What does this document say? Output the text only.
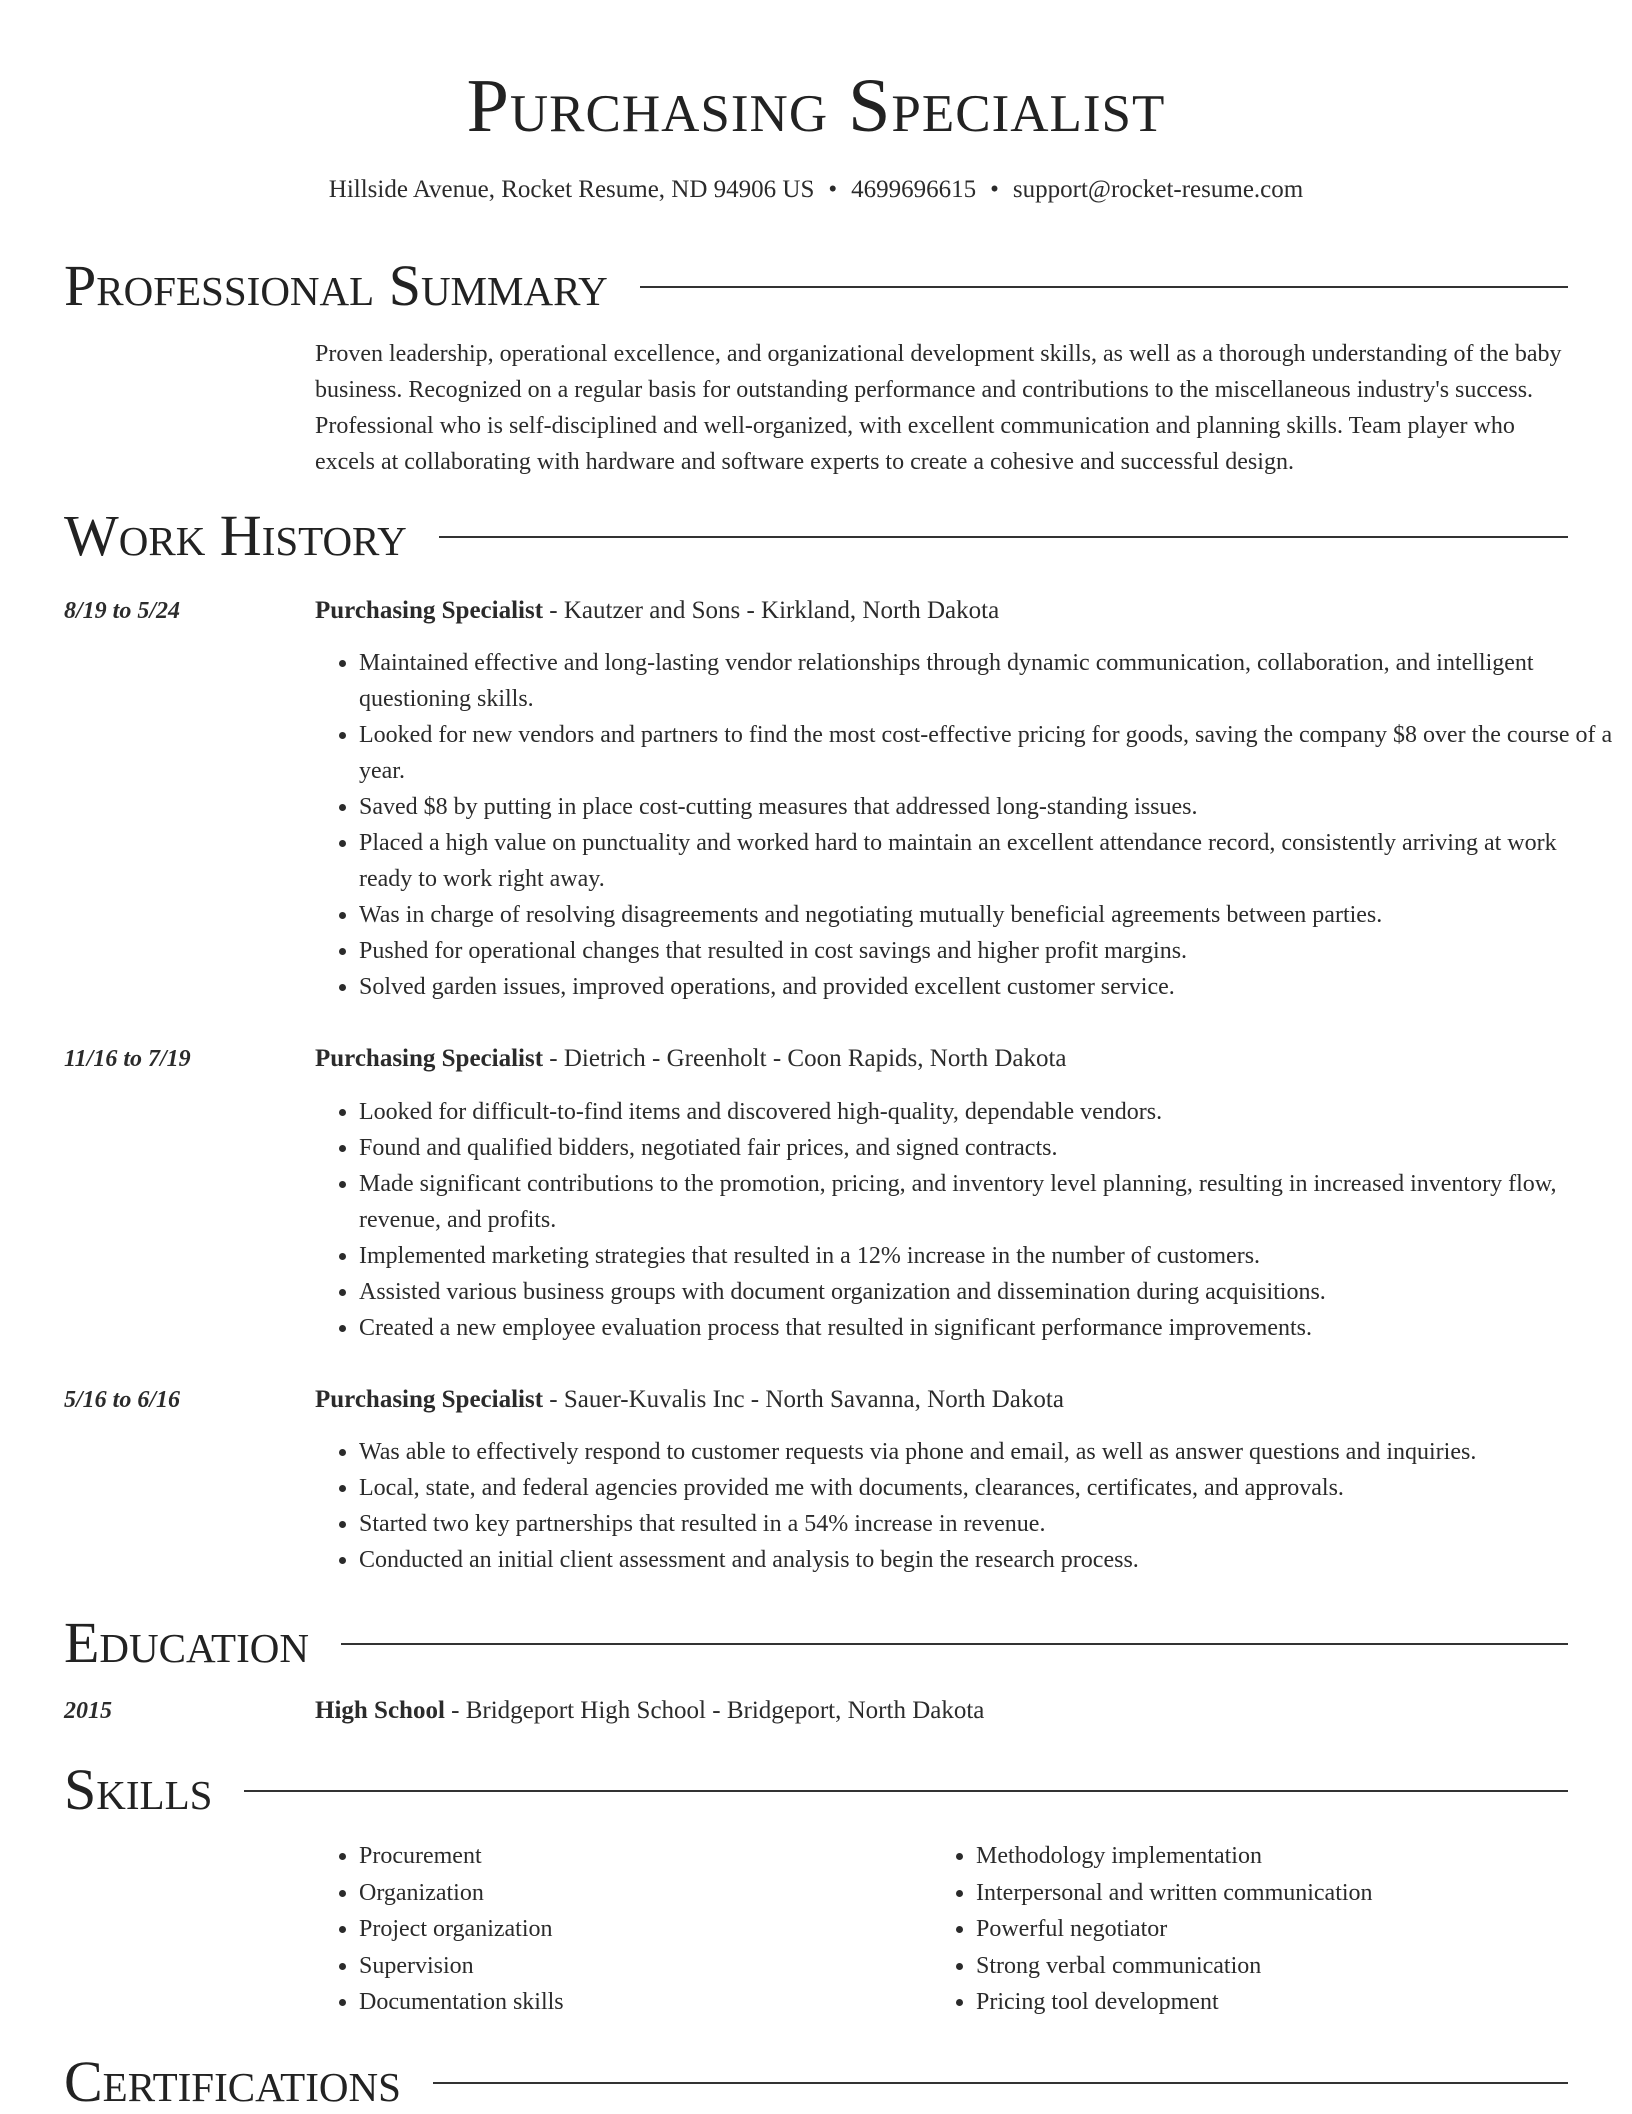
Purchasing Specialist
Hillside Avenue, Rocket Resume, ND 94906 US • 4699696615 • support@rocket-resume.com
Professional Summary
Proven leadership, operational excellence, and organizational development skills, as well as a thorough understanding of the baby business. Recognized on a regular basis for outstanding performance and contributions to the miscellaneous industry's success. Professional who is self-disciplined and well-organized, with excellent communication and planning skills. Team player who excels at collaborating with hardware and software experts to create a cohesive and successful design.
Work History
8/19 to 5/24	Purchasing Specialist - Kautzer and Sons - Kirkland, North Dakota
• Maintained effective and long-lasting vendor relationships through dynamic communication, collaboration, and intelligent questioning skills.
• Looked for new vendors and partners to find the most cost-effective pricing for goods, saving the company $8 over the course of a year.
• Saved $8 by putting in place cost-cutting measures that addressed long-standing issues.
• Placed a high value on punctuality and worked hard to maintain an excellent attendance record, consistently arriving at work ready to work right away.
• Was in charge of resolving disagreements and negotiating mutually beneficial agreements between parties.
• Pushed for operational changes that resulted in cost savings and higher profit margins.
• Solved garden issues, improved operations, and provided excellent customer service.
11/16 to 7/19	Purchasing Specialist - Dietrich - Greenholt - Coon Rapids, North Dakota
• Looked for difficult-to-find items and discovered high-quality, dependable vendors.
• Found and qualified bidders, negotiated fair prices, and signed contracts.
• Made significant contributions to the promotion, pricing, and inventory level planning, resulting in increased inventory flow, revenue, and profits.
• Implemented marketing strategies that resulted in a 12% increase in the number of customers.
• Assisted various business groups with document organization and dissemination during acquisitions.
• Created a new employee evaluation process that resulted in significant performance improvements.
5/16 to 6/16	Purchasing Specialist - Sauer-Kuvalis Inc - North Savanna, North Dakota
• Was able to effectively respond to customer requests via phone and email, as well as answer questions and inquiries.
• Local, state, and federal agencies provided me with documents, clearances, certificates, and approvals.
• Started two key partnerships that resulted in a 54% increase in revenue.
• Conducted an initial client assessment and analysis to begin the research process.
Education
2015	High School - Bridgeport High School - Bridgeport, North Dakota
Skills
• Procurement
• Organization
• Project organization
• Supervision
• Documentation skills
• Methodology implementation
• Interpersonal and written communication
• Powerful negotiator
• Strong verbal communication
• Pricing tool development
Certifications
